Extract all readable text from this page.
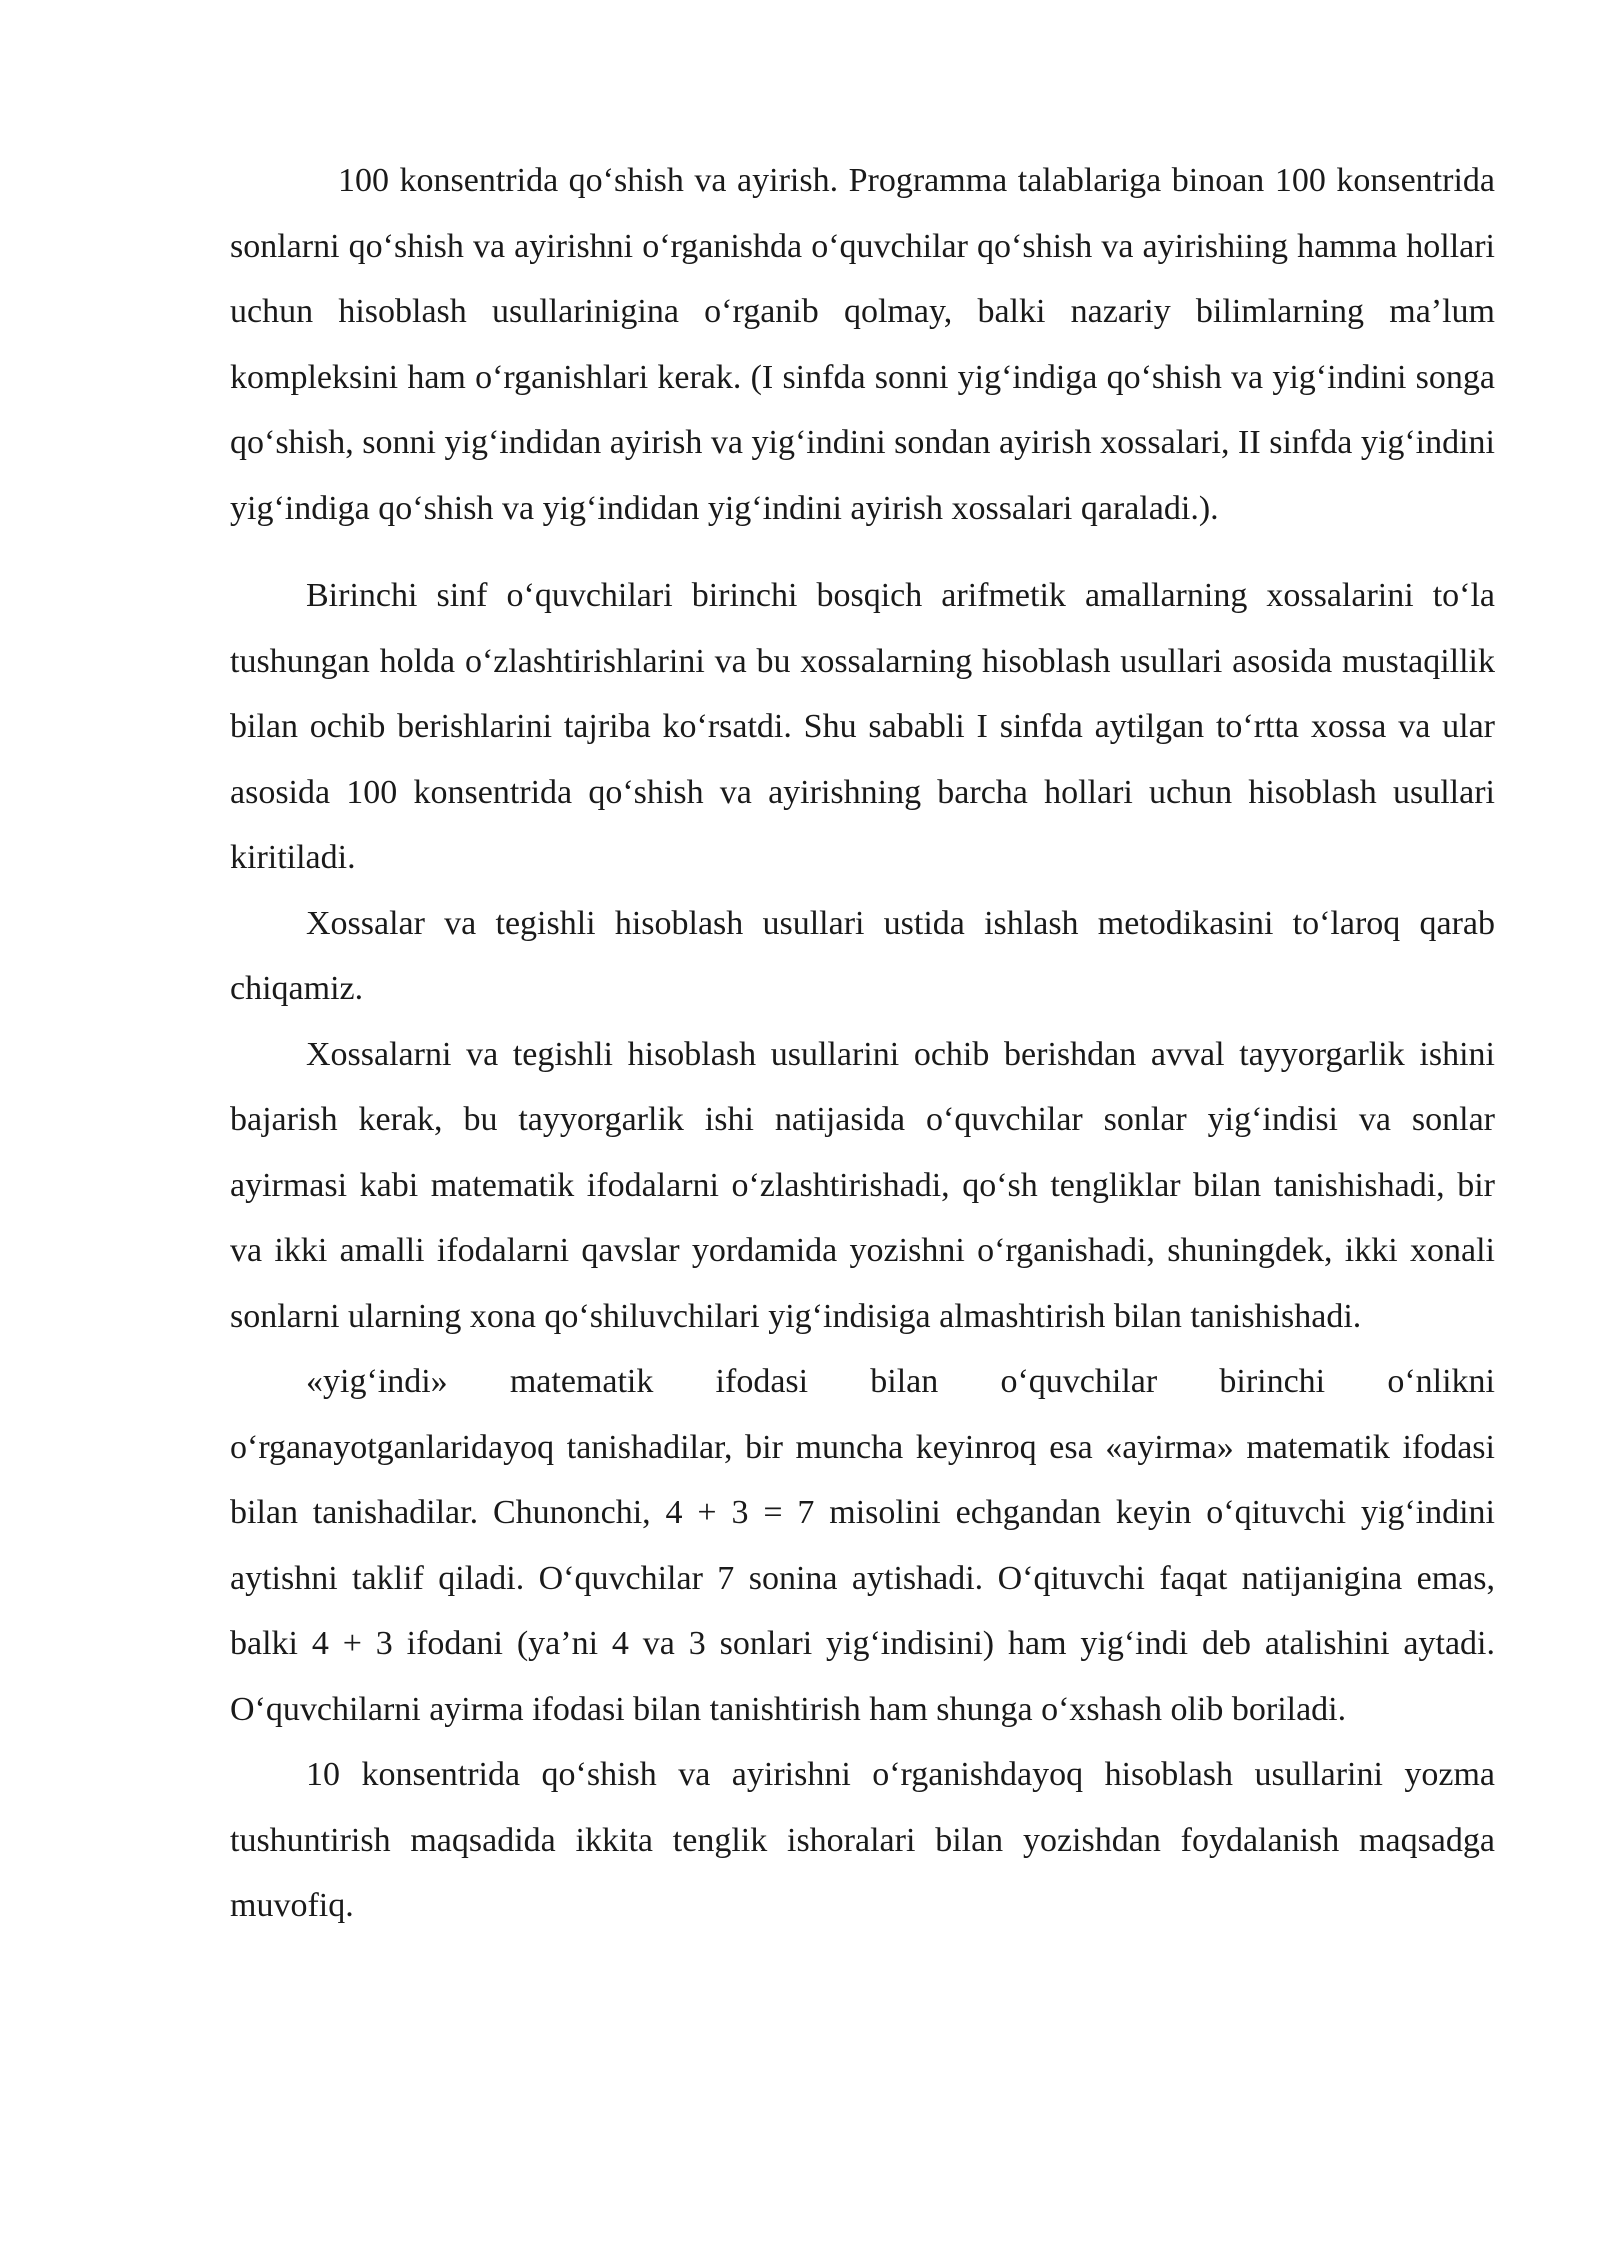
100 konsentrida qo‘shish va ayirish. Programma talablariga binoan 100 konsentrida sonlarni qo‘shish va ayirishni o‘rganishda o‘quvchilar qo‘shish va ayirishiing hamma hollari uchun hisoblash usullarinigina o‘rganib qolmay, balki nazariy bilimlarning ma’lum kompleksini ham o‘rganishlari kerak. (I sinfda sonni yig‘indiga qo‘shish va yig‘indini songa qo‘shish, sonni yig‘indidan ayirish va yig‘indini sondan ayirish xossalari, II sinfda yig‘indini yig‘indiga qo‘shish va yig‘indidan yig‘indini ayirish xossalari qaraladi.).

Birinchi sinf o‘quvchilari birinchi bosqich arifmetik amallarning xossalarini to‘la tushungan holda o‘zlashtirishlarini va bu xossalarning hisoblash usullari asosida mustaqillik bilan ochib berishlarini tajriba ko‘rsatdi. Shu sababli I sinfda aytilgan to‘rtta xossa va ular asosida 100 konsentrida qo‘shish va ayirishning barcha hollari uchun hisoblash usullari kiritiladi.

Xossalar va tegishli hisoblash usullari ustida ishlash metodikasini to‘laroq qarab chiqamiz.

Xossalarni va tegishli hisoblash usullarini ochib berishdan avval tayyorgarlik ishini bajarish kerak, bu tayyorgarlik ishi natijasida o‘quvchilar sonlar yig‘indisi va sonlar ayirmasi kabi matematik ifodalarni o‘zlashtirishadi, qo‘sh tengliklar bilan tanishishadi, bir va ikki amalli ifodalarni qavslar yordamida yozishni o‘rganishadi, shuningdek, ikki xonali sonlarni ularning xona qo‘shiluvchilari yig‘indisiga almashtirish bilan tanishishadi.

«yig‘indi» matematik ifodasi bilan o‘quvchilar birinchi o‘nlikni o‘rganayotganlaridayoq tanishadilar, bir muncha keyinroq esa «ayirma» matematik ifodasi bilan tanishadilar. Chunonchi, 4 + 3 = 7 misolini echgandan keyin o‘qituvchi yig‘indini aytishni taklif qiladi. O‘quvchilar 7 sonina aytishadi. O‘qituvchi faqat natijanigina emas, balki 4 + 3 ifodani (ya’ni 4 va 3 sonlari yig‘indisini) ham yig‘indi deb atalishini aytadi. O‘quvchilarni ayirma ifodasi bilan tanishtirish ham shunga o‘xshash olib boriladi.

10 konsentrida qo‘shish va ayirishni o‘rganishdayoq hisoblash usullarini yozma tushuntirish maqsadida ikkita tenglik ishoralari bilan yozishdan foydalanish maqsadga muvofiq.
